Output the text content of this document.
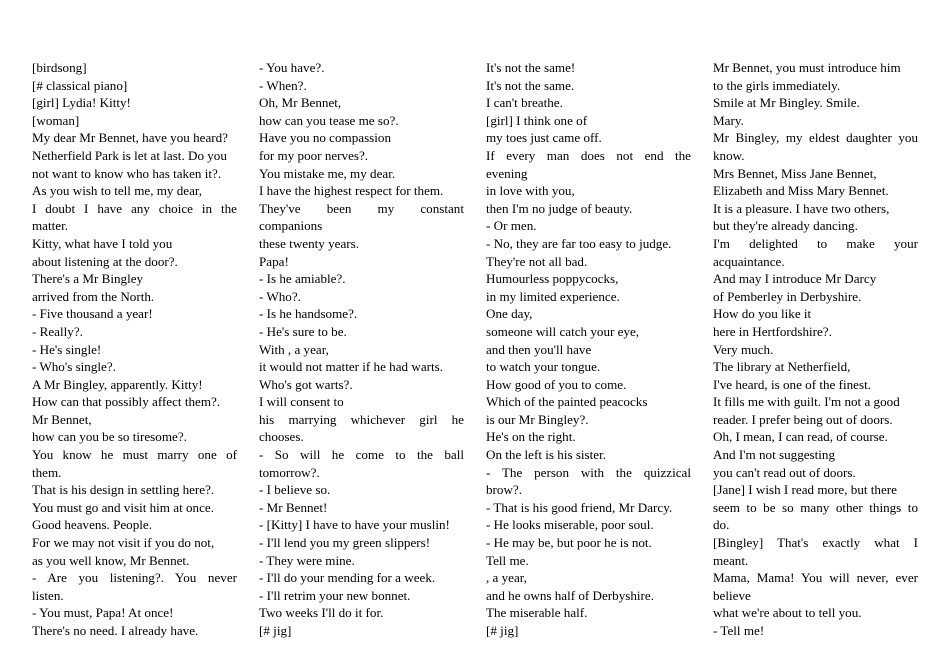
[birdsong]
[# classical piano]
[girl] Lydia! Kitty!
[woman]
My dear Mr Bennet, have you heard?
Netherfield Park is let at last. Do you
not want to know who has taken it?.
As you wish to tell me, my dear,
I doubt I have any choice in the
matter.
Kitty, what have I told you
about listening at the door?.
There's a Mr Bingley
arrived from the North.
- Five thousand a year!
- Really?.
- He's single!
- Who's single?.
A Mr Bingley, apparently. Kitty!
How can that possibly affect them?.
Mr Bennet,
how can you be so tiresome?.
You know he must marry one of
them.
That is his design in settling here?.
You must go and visit him at once.
Good heavens. People.
For we may not visit if you do not,
as you well know, Mr Bennet.
- Are you listening?. You never
listen.
- You must, Papa! At once!
There's no need. I already have.
- You have?.
- When?.
Oh, Mr Bennet,
how can you tease me so?.
Have you no compassion
for my poor nerves?.
You mistake me, my dear.
I have the highest respect for them.
They've been my constant
companions
these twenty years.
Papa!
- Is he amiable?.
- Who?.
- Is he handsome?.
- He's sure to be.
With , a year,
it would not matter if he had warts.
Who's got warts?.
I will consent to
his marrying whichever girl he
chooses.
- So will he come to the ball
tomorrow?.
- I believe so.
- Mr Bennet!
- [Kitty] I have to have your muslin!
- I'll lend you my green slippers!
- They were mine.
- I'll do your mending for a week.
- I'll retrim your new bonnet.
Two weeks I'll do it for.
[# jig]
It's not the same!
It's not the same.
I can't breathe.
[girl] I think one of
my toes just came off.
If every man does not end the
evening
in love with you,
then I'm no judge of beauty.
- Or men.
- No, they are far too easy to judge.
They're not all bad.
Humourless poppycocks,
in my limited experience.
One day,
someone will catch your eye,
and then you'll have
to watch your tongue.
How good of you to come.
Which of the painted peacocks
is our Mr Bingley?.
He's on the right.
On the left is his sister.
- The person with the quizzical
brow?.
- That is his good friend, Mr Darcy.
- He looks miserable, poor soul.
- He may be, but poor he is not.
Tell me.
, a year,
and he owns half of Derbyshire.
The miserable half.
[# jig]
Mr Bennet, you must introduce him
to the girls immediately.
Smile at Mr Bingley. Smile.
Mary.
Mr Bingley, my eldest daughter you
know.
Mrs Bennet, Miss Jane Bennet,
Elizabeth and Miss Mary Bennet.
It is a pleasure. I have two others,
but they're already dancing.
I'm delighted to make your
acquaintance.
And may I introduce Mr Darcy
of Pemberley in Derbyshire.
How do you like it
here in Hertfordshire?.
Very much.
The library at Netherfield,
I've heard, is one of the finest.
It fills me with guilt. I'm not a good
reader. I prefer being out of doors.
Oh, I mean, I can read, of course.
And I'm not suggesting
you can't read out of doors.
[Jane] I wish I read more, but there
seem to be so many other things to
do.
[Bingley] That's exactly what I
meant.
Mama, Mama! You will never, ever
believe
what we're about to tell you.
- Tell me!
